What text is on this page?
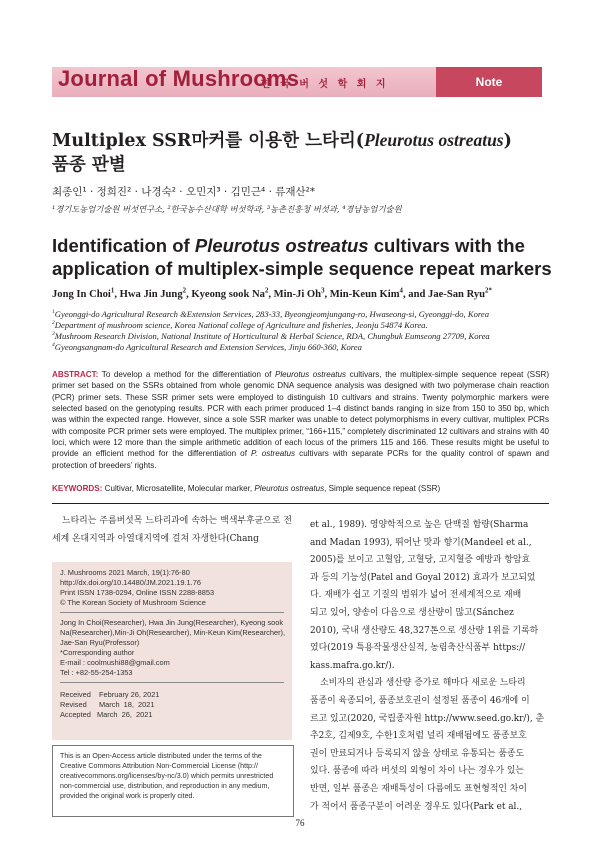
Journal of Mushrooms
한 국 버 섯 학 회 지	Note
Multiplex SSR마커를 이용한 느타리(Pleurotus ostreatus)
품종 판별
최종인¹ · 정희진² · 나경숙² · 오민지³ · 김민근⁴ · 류재산²*
¹경기도농업기술원 버섯연구소, ²한국농수산대학 버섯학과, ³농촌진흥청 버섯과, ⁴경남농업기술원
Identification of Pleurotus ostreatus cultivars with the
application of multiplex-simple sequence repeat markers
Jong In Choi$^1$, Hwa Jin Jung$^2$, Kyeong sook Na$^2$, Min-Ji Oh$^3$, Min-Keun Kim$^4$, and Jae-San Ryu$^{2*}$
$^1$Gyeonggi-do Agricultural Research &Extension Services, 283-33, Byeongjeomjungang-ro, Hwaseong-si, Gyeonggi-do, Korea
$^2$Department of mushroom science, Korea National college of Agriculture and fisheries, Jeonju 54874 Korea.
$^3$Mushroom Research Division, National Institute of Horticultural & Herbal Science, RDA, Chungbuk Eumseong 27709, Korea
$^4$Gyeongsangnam-do Agricultural Research and Extension Services, Jinju 660-360, Korea
ABSTRACT: To develop a method for the differentiation of Pleurotus ostreatus cultivars, the multiplex-simple sequence repeat (SSR) primer set based on the SSRs obtained from whole genomic DNA sequence analysis was designed with two polymerase chain reaction (PCR) primer sets. These SSR primer sets were employed to distinguish 10 cultivars and strains. Twenty polymorphic markers were selected based on the genotyping results. PCR with each primer produced 1–4 distinct bands ranging in size from 150 to 350 bp, which was within the expected range. However, since a sole SSR marker was unable to detect polymorphisms in every cultivar, multiplex PCRs with composite PCR primer sets were employed. The multiplex primer, “166+115,” completely discriminated 12 cultivars and strains with 40 loci, which were 12 more than the simple arithmetic addition of each locus of the primers 115 and 166. These results might be useful to provide an efficient method for the differentiation of P. ostreatus cultivars with separate PCRs for the quality control of spawn and protection of breeders’ rights.
KEYWORDS: Cultivar, Microsatellite, Molecular marker, Pleurotus ostreatus, Simple sequence repeat (SSR)

느타리는 주름버섯목 느타리과에 속하는 백색부후균으로 전세계 온대지역과 아열대지역에 걸쳐 자생한다(Chang

J. Mushrooms 2021 March, 19(1):76-80
http://dx.doi.org/10.14480/JM.2021.19.1.76
Print ISSN 1738-0294, Online ISSN 2288-8853
© The Korean Society of Mushroom Science
Jong In Choi(Researcher), Hwa Jin Jung(Researcher), Kyeong sook
Na(Researcher),Min-Ji Oh(Researcher), Min-Keun Kim(Researcher),
Jae-San Ryu(Professor)
*Corresponding author
E-mail : coolmushi88@gmail.com
Tel : +82-55-254-1353
Received    February 26, 2021
Revised      March  18,  2021
Accepted   March  26,  2021
This is an Open-Access article distributed under the terms of the
Creative Commons Attribution Non-Commercial License (http://
creativecommons.org/licenses/by-nc/3.0) which permits unrestricted
non-commercial use, distribution, and reproduction in any medium,
provided the original work is properly cited.
et al., 1989). 영양학적으로 높은 단백질 함량(Sharma
and Madan 1993), 뛰어난 맛과 향기(Mandeel et al.,
2005)를 보이고 고혈압, 고혈당, 고지혈증 예방과 항암효
과 등의 기능성(Patel and Goyal 2012) 효과가 보고되었
다. 재배가 쉽고 기질의 범위가 넓어 전세계적으로 재배
되고 있어, 양송이 다음으로 생산량이 많고(Sánchez
2010), 국내 생산량도 48,327톤으로 생산량 1위를 기록하
였다(2019 특용작물생산실적, 농림축산식품부 https://
kass.mafra.go.kr/).
소비자의 관심과 생산량 증가로 해마다 새로운 느타리
품종이 육종되어, 품종보호권이 설정된 품종이 46개에 이
르고 있고(2020, 국립종자원 http://www.seed.go.kr/), 춘
추2호, 김제9호, 수한1호처럼 널리 재배됨에도 품종보호
권이 만료되거나 등록되지 않을 상태로 유통되는 품종도
있다. 품종에 따라 버섯의 외형이 차이 나는 경우가 있는
반면, 일부 품종은 재배특성이 다름에도 표현형적인 차이
가 적어서 품종구분이 어려운 경우도 있다(Park et al.,
76
